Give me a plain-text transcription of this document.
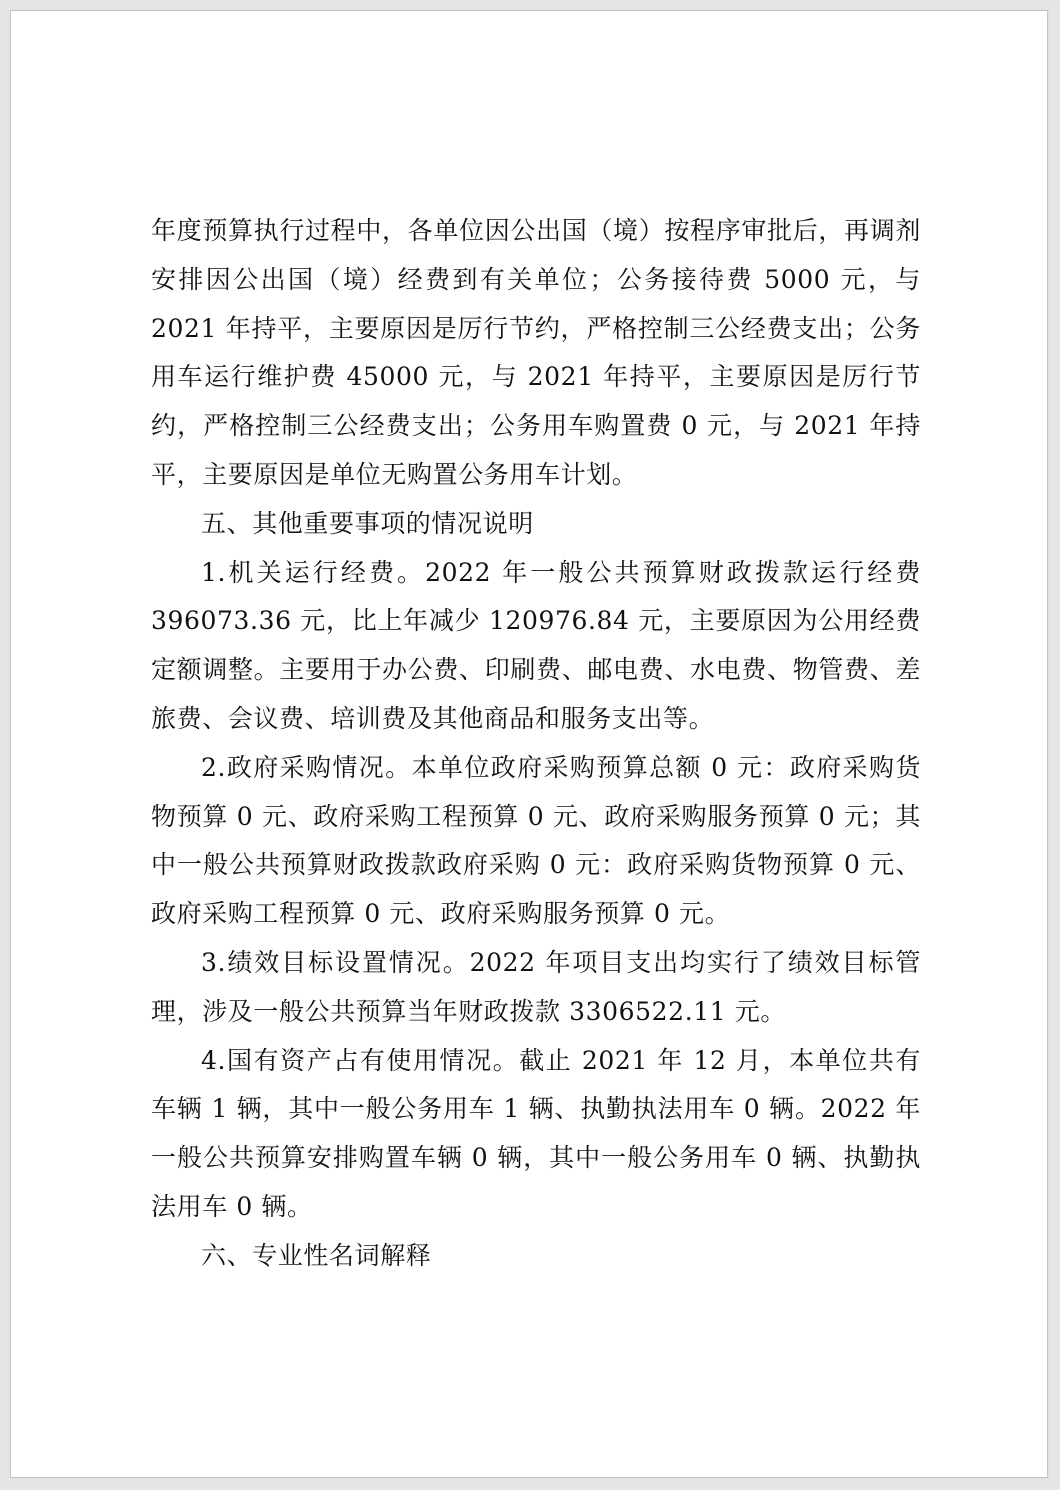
年度预算执行过程中，各单位因公出国（境）按程序审批后，再调剂安排因公出国（境）经费到有关单位；公务接待费 5000 元，与 2021 年持平，主要原因是厉行节约，严格控制三公经费支出；公务用车运行维护费 45000 元，与 2021 年持平，主要原因是厉行节约，严格控制三公经费支出；公务用车购置费 0 元，与 2021 年持平，主要原因是单位无购置公务用车计划。

五、其他重要事项的情况说明

1.机关运行经费。2022 年一般公共预算财政拨款运行经费 396073.36 元，比上年减少 120976.84 元，主要原因为公用经费定额调整。主要用于办公费、印刷费、邮电费、水电费、物管费、差旅费、会议费、培训费及其他商品和服务支出等。

2.政府采购情况。本单位政府采购预算总额 0 元：政府采购货物预算 0 元、政府采购工程预算 0 元、政府采购服务预算 0 元；其中一般公共预算财政拨款政府采购 0 元：政府采购货物预算 0 元、政府采购工程预算 0 元、政府采购服务预算 0 元。

3.绩效目标设置情况。2022 年项目支出均实行了绩效目标管理，涉及一般公共预算当年财政拨款 3306522.11 元。

4.国有资产占有使用情况。截止 2021 年 12 月，本单位共有车辆 1 辆，其中一般公务用车 1 辆、执勤执法用车 0 辆。2022 年一般公共预算安排购置车辆 0 辆，其中一般公务用车 0 辆、执勤执法用车 0 辆。

六、专业性名词解释
